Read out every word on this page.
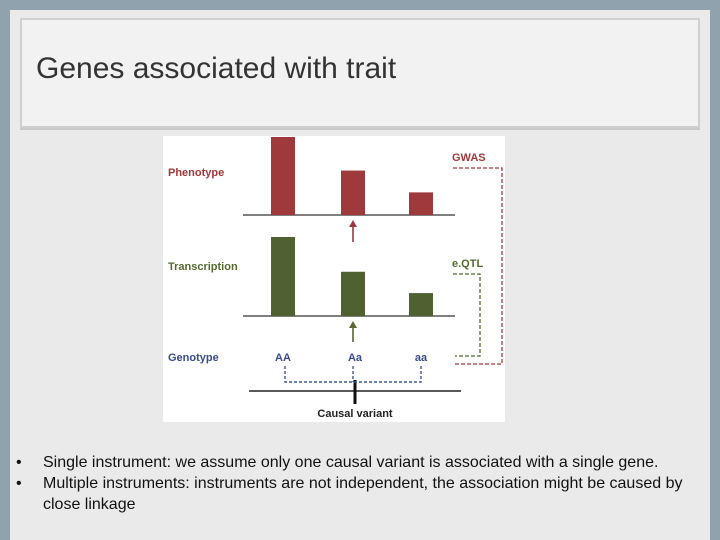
Genes associated with trait
Phenotype
Transcription
Genotype	AA	Aa	aa
GWAS
e.QTL
Causal variant
• Single instrument: we assume only one causal variant is associated with a single gene.
• Multiple instruments: instruments are not independent, the association might be caused by close linkage
